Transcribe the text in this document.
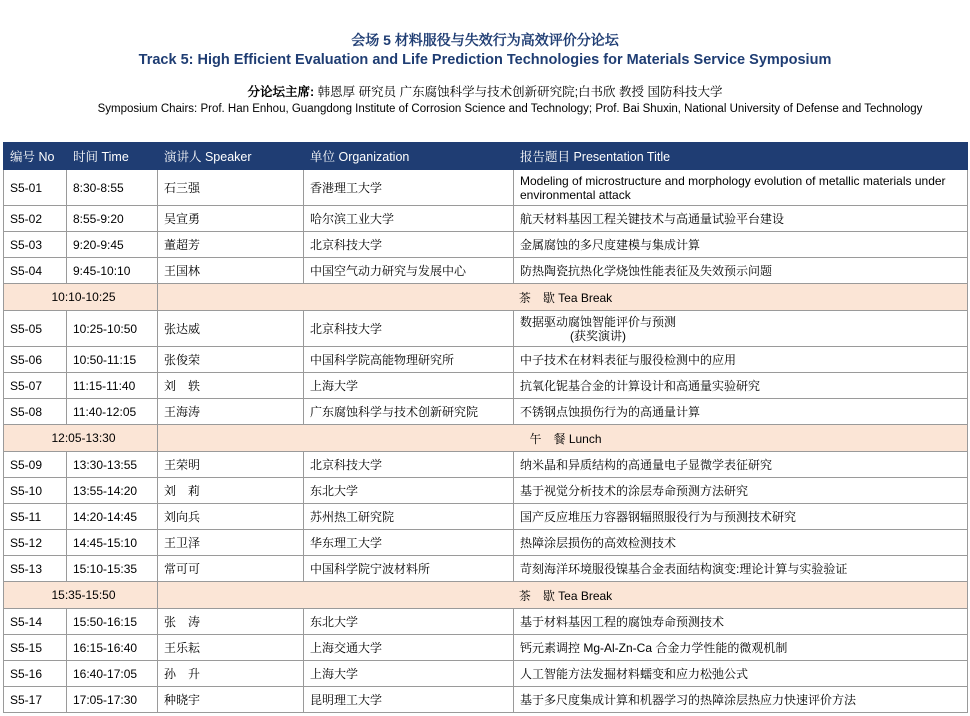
会场 5 材料服役与失效行为高效评价分论坛
Track 5: High Efficient Evaluation and Life Prediction Technologies for Materials Service Symposium
分论坛主席: 韩恩厚 研究员 广东腐蚀科学与技术创新研究院;白书欣 教授 国防科技大学
Symposium Chairs: Prof. Han Enhou, Guangdong Institute of Corrosion Science and Technology; Prof. Bai Shuxin, National University of Defense and Technology
编号 No	时间 Time	演讲人 Speaker	单位 Organization	报告题目 Presentation Title
S5-01	8:30-8:55	石三强	香港理工大学	Modeling of microstructure and morphology evolution of metallic materials under environmental attack
S5-02	8:55-9:20	吴宣勇	哈尔滨工业大学	航天材料基因工程关键技术与高通量试验平台建设
S5-03	9:20-9:45	董超芳	北京科技大学	金属腐蚀的多尺度建模与集成计算
S5-04	9:45-10:10	王国林	中国空气动力研究与发展中心	防热陶瓷抗热化学烧蚀性能表征及失效预示问题
10:10-10:25		茶　歇 Tea Break		
S5-05	10:25-10:50	张达威	北京科技大学	数据驱动腐蚀智能评价与预测
(获奖演讲)

S5-06	10:50-11:15	张俊荣	中国科学院高能物理研究所	中子技术在材料表征与服役检测中的应用
S5-07	11:15-11:40	刘　轶	上海大学	抗氧化铌基合金的计算设计和高通量实验研究
S5-08	11:40-12:05	王海涛	广东腐蚀科学与技术创新研究院	不锈钢点蚀损伤行为的高通量计算
12:05-13:30		午　餐 Lunch		
S5-09	13:30-13:55	王荣明	北京科技大学	纳米晶和异质结构的高通量电子显微学表征研究
S5-10	13:55-14:20	刘　莉	东北大学	基于视觉分析技术的涂层寿命预测方法研究
S5-11	14:20-14:45	刘向兵	苏州热工研究院	国产反应堆压力容器钢辐照服役行为与预测技术研究
S5-12	14:45-15:10	王卫泽	华东理工大学	热障涂层损伤的高效检测技术
S5-13	15:10-15:35	常可可	中国科学院宁波材料所	苛刻海洋环境服役镍基合金表面结构演变:理论计算与实验验证
15:35-15:50		茶　歇 Tea Break		
S5-14	15:50-16:15	张　涛	东北大学	基于材料基因工程的腐蚀寿命预测技术
S5-15	16:15-16:40	王乐耘	上海交通大学	钙元素调控 Mg-Al-Zn-Ca 合金力学性能的微观机制
S5-16	16:40-17:05	孙　升	上海大学	人工智能方法发掘材料蠕变和应力松弛公式
S5-17	17:05-17:30	种晓宇	昆明理工大学	基于多尺度集成计算和机器学习的热障涂层热应力快速评价方法
